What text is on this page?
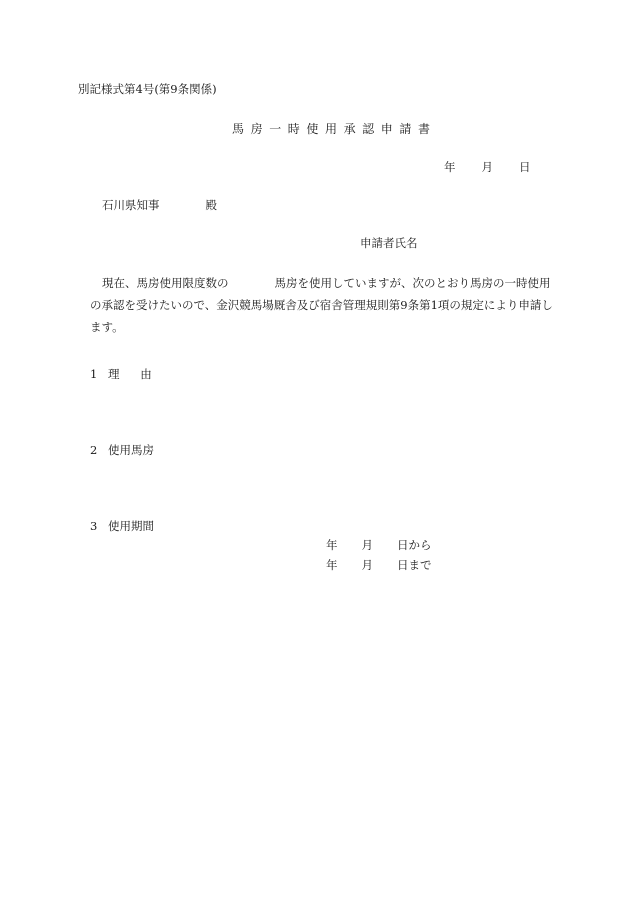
別記様式第4号(第9条関係)
馬房一時使用承認申請書
年 月 日
石川県知事	殿
申請者氏名
現在、馬房使用限度数の	馬房を使用していますが、次のとおり馬房の一時使用の承認を受けたいので、金沢競馬場厩舎及び宿舎管理規則第9条第1項の規定により申請します。
1 理由
2 使用馬房
3 使用期間
年 月 日から
年 月 日まで
